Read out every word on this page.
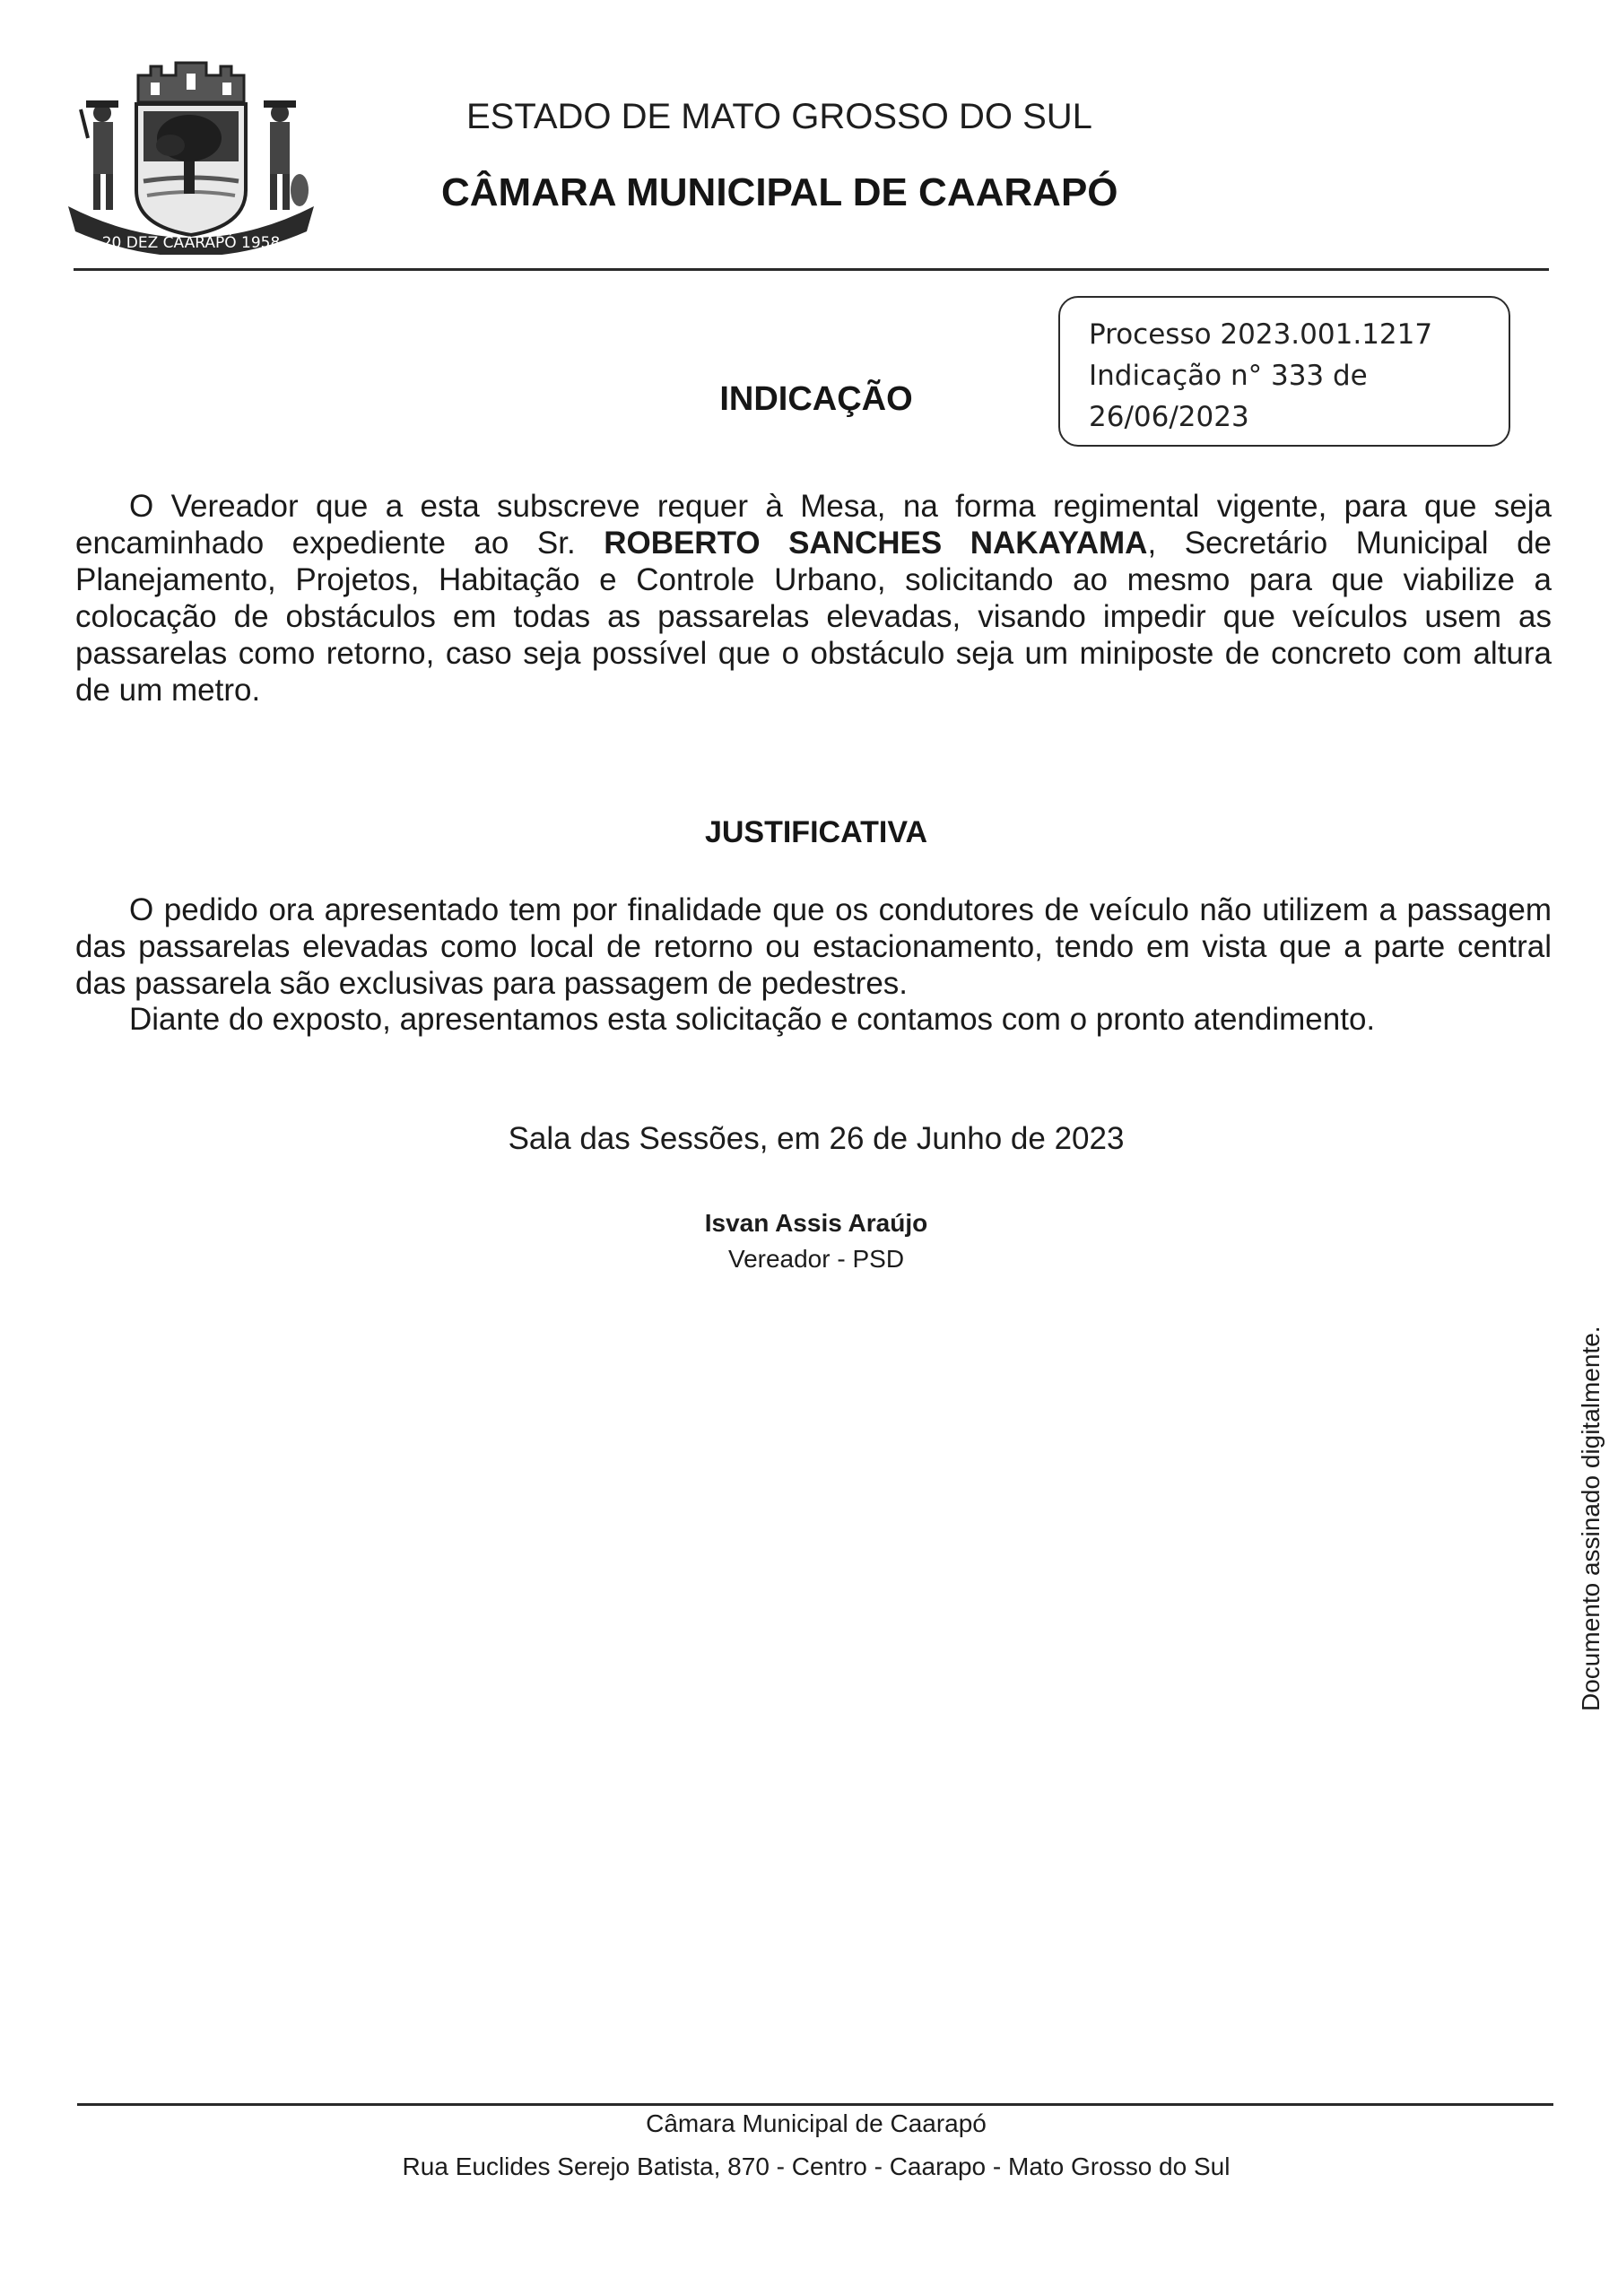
20 DEZ CAARAPÓ 1958
ESTADO DE MATO GROSSO DO SUL
CÂMARA MUNICIPAL DE CAARAPÓ
Processo 2023.001.1217
Indicação n° 333 de
26/06/2023
INDICAÇÃO
O Vereador que a esta subscreve requer à Mesa, na forma regimental vigente, para que seja encaminhado expediente ao Sr. ROBERTO SANCHES NAKAYAMA, Secretário Municipal de Planejamento, Projetos, Habitação e Controle Urbano, solicitando ao mesmo para que viabilize a colocação de obstáculos em todas as passarelas elevadas, visando impedir que veículos usem as passarelas como retorno, caso seja possível que o obstáculo seja um miniposte de concreto com altura de um metro.
JUSTIFICATIVA
O pedido ora apresentado tem por finalidade que os condutores de veículo não utilizem a passagem das passarelas elevadas como local de retorno ou estacionamento, tendo em vista que a parte central das passarela são exclusivas para passagem de pedestres.
Diante do exposto, apresentamos esta solicitação e contamos com o pronto atendimento.
Sala das Sessões, em 26 de Junho de 2023
Isvan Assis Araújo
Vereador - PSD
Documento assinado digitalmente.
Câmara Municipal de Caarapó
Rua Euclides Serejo Batista, 870 - Centro - Caarapo - Mato Grosso do Sul
